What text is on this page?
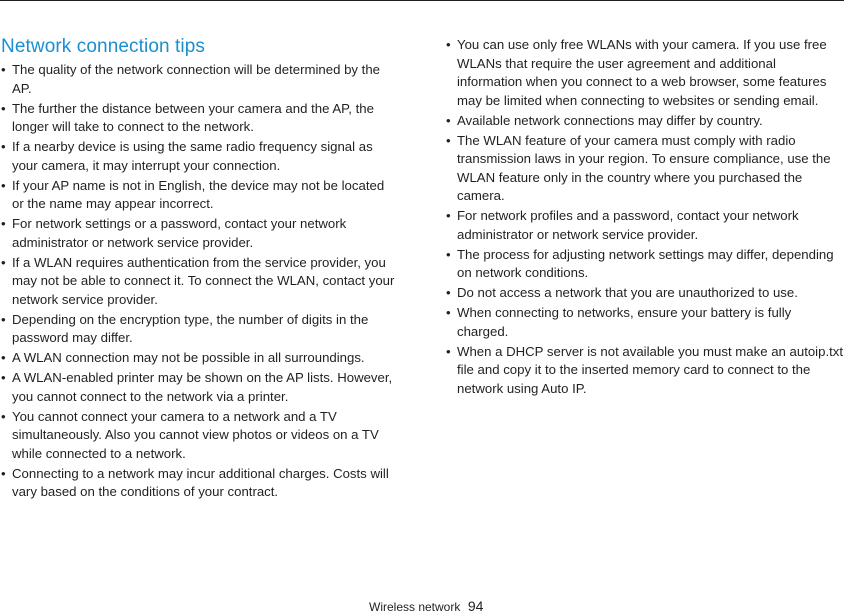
Network connection tips
• The quality of the network connection will be determined by the AP.
• The further the distance between your camera and the AP, the longer will take to connect to the network.
• If a nearby device is using the same radio frequency signal as your camera, it may interrupt your connection.
• If your AP name is not in English, the device may not be located or the name may appear incorrect.
• For network settings or a password, contact your network administrator or network service provider.
• If a WLAN requires authentication from the service provider, you may not be able to connect it. To connect the WLAN, contact your network service provider.
• Depending on the encryption type, the number of digits in the password may differ.
• A WLAN connection may not be possible in all surroundings.
• A WLAN-enabled printer may be shown on the AP lists. However, you cannot connect to the network via a printer.
• You cannot connect your camera to a network and a TV simultaneously. Also you cannot view photos or videos on a TV while connected to a network.
• Connecting to a network may incur additional charges. Costs will vary based on the conditions of your contract.
• You can use only free WLANs with your camera. If you use free WLANs that require the user agreement and additional information when you connect to a web browser, some features may be limited when connecting to websites or sending email.
• Available network connections may differ by country.
• The WLAN feature of your camera must comply with radio transmission laws in your region. To ensure compliance, use the WLAN feature only in the country where you purchased the camera.
• For network profiles and a password, contact your network administrator or network service provider.
• The process for adjusting network settings may differ, depending on network conditions.
• Do not access a network that you are unauthorized to use.
• When connecting to networks, ensure your battery is fully charged.
• When a DHCP server is not available you must make an autoip.txt file and copy it to the inserted memory card to connect to the network using Auto IP.
Wireless network 94
